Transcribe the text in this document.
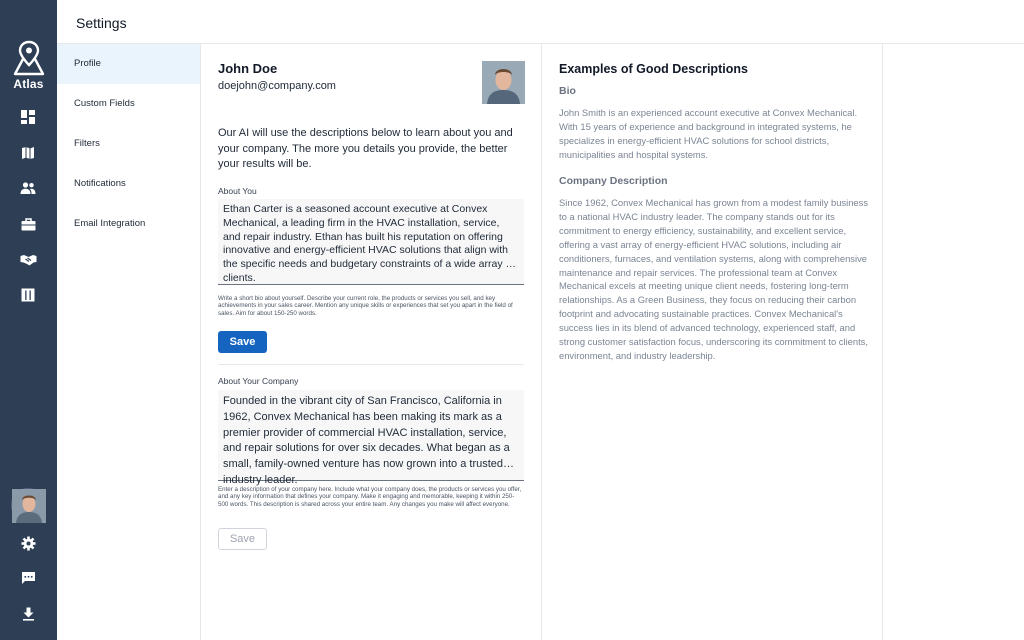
Atlas
Settings
Profile
Custom Fields
Filters
Notifications
Email Integration
John Doe
doejohn@company.com
Our AI will use the descriptions below to learn about you and your company. The more you details you provide, the better your results will be.
About You
Ethan Carter is a seasoned account executive at Convex Mechanical, a leading firm in the HVAC installation, service, and repair industry. Ethan has built his reputation on offering innovative and energy-efficient HVAC solutions that align with the specific needs and budgetary constraints of a wide array of clients.
Write a short bio about yourself. Describe your current role, the products or services you sell, and key achievements in your sales career. Mention any unique skills or experiences that set you apart in the field of sales. Aim for about 150-250 words.
Save
About Your Company
Founded in the vibrant city of San Francisco, California in 1962, Convex Mechanical has been making its mark as a premier provider of commercial HVAC installation, service, and repair solutions for over six decades. What began as a small, family-owned venture has now grown into a trusted industry leader.
Enter a description of your company here. Include what your company does, the products or services you offer, and any key information that defines your company. Make it engaging and memorable, keeping it within 250-500 words. This description is shared across your entire team. Any changes you make will affect everyone.
Save
Examples of Good Descriptions
Bio
John Smith is an experienced account executive at Convex Mechanical. With 15 years of experience and background in integrated systems, he specializes in energy-efficient HVAC solutions for school districts, municipalities and hospital systems.
Company Description
Since 1962, Convex Mechanical has grown from a modest family business to a national HVAC industry leader. The company stands out for its commitment to energy efficiency, sustainability, and excellent service, offering a vast array of energy-efficient HVAC solutions, including air conditioners, furnaces, and ventilation systems, along with comprehensive maintenance and repair services. The professional team at Convex Mechanical excels at meeting unique client needs, fostering long-term relationships. As a Green Business, they focus on reducing their carbon footprint and advocating sustainable practices. Convex Mechanical's success lies in its blend of advanced technology, experienced staff, and strong customer satisfaction focus, underscoring its commitment to clients, environment, and industry leadership.
